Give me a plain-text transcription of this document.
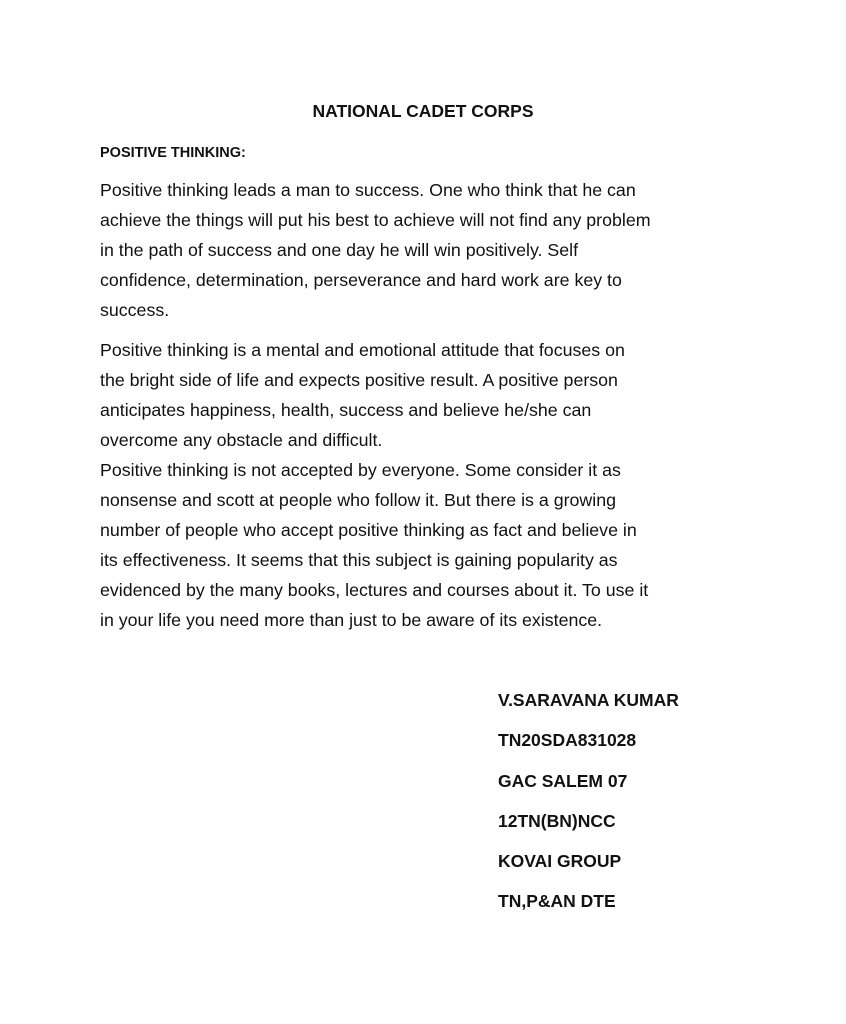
NATIONAL CADET CORPS
POSITIVE THINKING:

Positive thinking leads a man to success. One who think that he can
achieve the things will put his best to achieve will not find any problem
in the path of success and one day he will win positively. Self
confidence, determination, perseverance and hard work are key to
success.

Positive thinking is a mental and emotional attitude that focuses on
the bright side of life and expects positive result. A positive person
anticipates happiness, health, success and believe he/she can
overcome any obstacle and difficult.

Positive thinking is not accepted by everyone. Some consider it as
nonsense and scott at people who follow it. But there is a growing
number of people who accept positive thinking as fact and believe in
its effectiveness. It seems that this subject is gaining popularity as
evidenced by the many books, lectures and courses about it. To use it
in your life you need more than just to be aware of its existence.

V.SARAVANA KUMAR
TN20SDA831028
GAC SALEM 07
12TN(BN)NCC
KOVAI GROUP
TN,P&AN DTE
